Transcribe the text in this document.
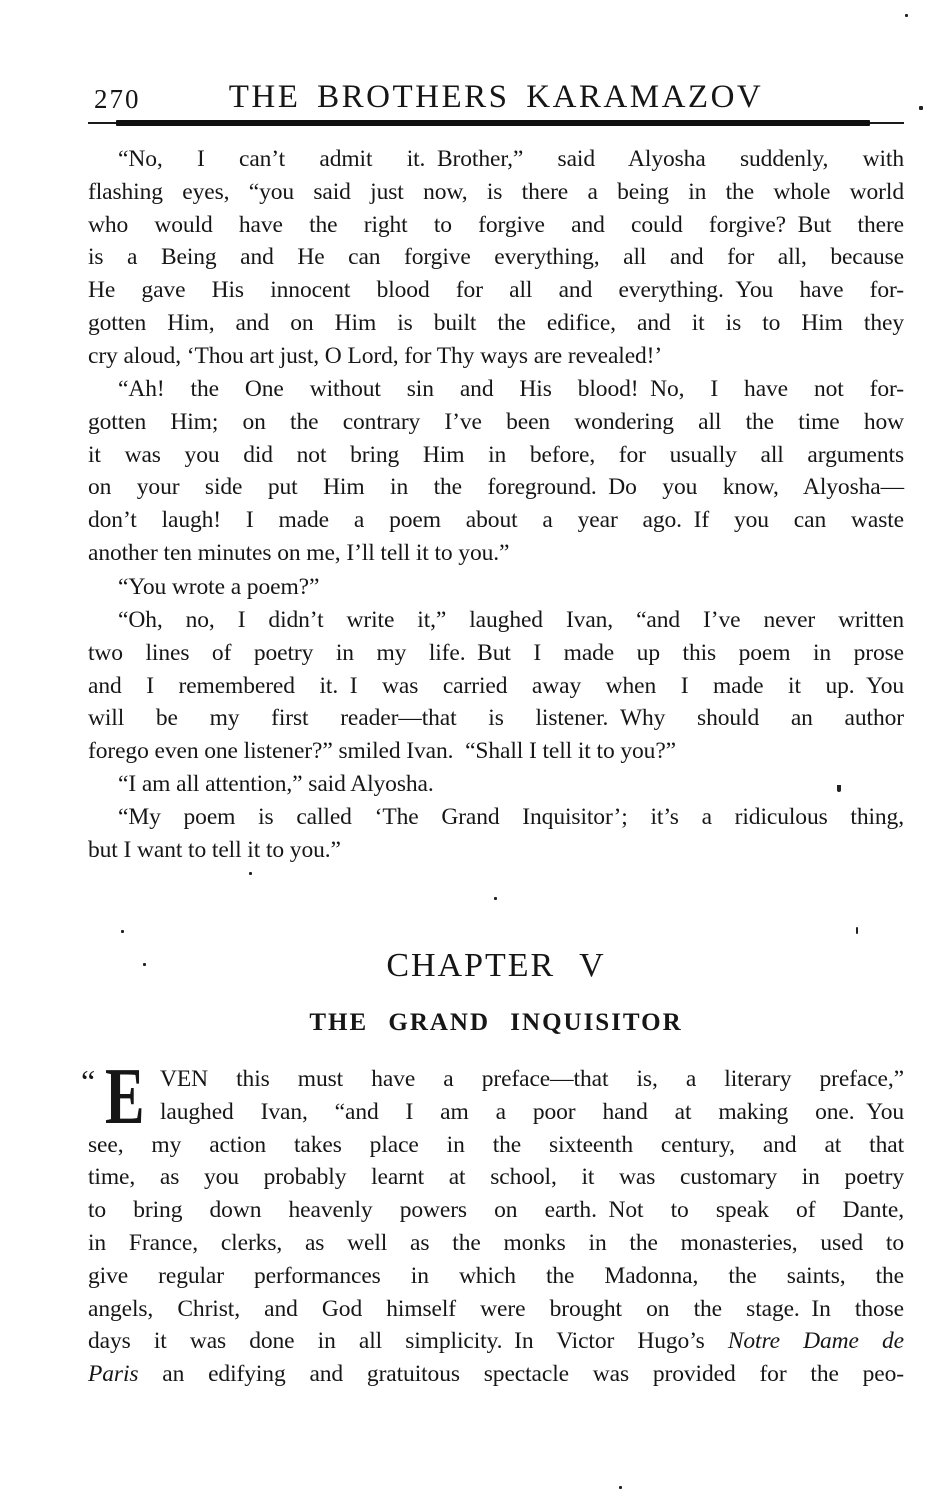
270	THE BROTHERS KARAMAZOV
“No, I can’t admit it. Brother,” said Alyosha suddenly, with
flashing eyes, “you said just now, is there a being in the whole world
who would have the right to forgive and could forgive? But there
is a Being and He can forgive everything, all and for all, because
He gave His innocent blood for all and everything. You have for-
gotten Him, and on Him is built the edifice, and it is to Him they
cry aloud, ‘Thou art just, O Lord, for Thy ways are revealed!’
“Ah! the One without sin and His blood! No, I have not for-
gotten Him; on the contrary I’ve been wondering all the time how
it was you did not bring Him in before, for usually all arguments
on your side put Him in the foreground. Do you know, Alyosha—
don’t laugh! I made a poem about a year ago. If you can waste
another ten minutes on me, I’ll tell it to you.”
“You wrote a poem?”
“Oh, no, I didn’t write it,” laughed Ivan, “and I’ve never written
two lines of poetry in my life. But I made up this poem in prose
and I remembered it. I was carried away when I made it up. You
will be my first reader—that is listener. Why should an author
forego even one listener?” smiled Ivan. “Shall I tell it to you?”
“I am all attention,” said Alyosha.
“My poem is called ‘The Grand Inquisitor’; it’s a ridiculous thing,
but I want to tell it to you.”
CHAPTER V
THE GRAND INQUISITOR
“ E VEN this must have a preface—that is, a literary preface,”
laughed Ivan, “and I am a poor hand at making one. You
see, my action takes place in the sixteenth century, and at that
time, as you probably learnt at school, it was customary in poetry
to bring down heavenly powers on earth. Not to speak of Dante,
in France, clerks, as well as the monks in the monasteries, used to
give regular performances in which the Madonna, the saints, the
angels, Christ, and God himself were brought on the stage. In those
days it was done in all simplicity. In Victor Hugo’s Notre Dame de
Paris an edifying and gratuitous spectacle was provided for the peo-
